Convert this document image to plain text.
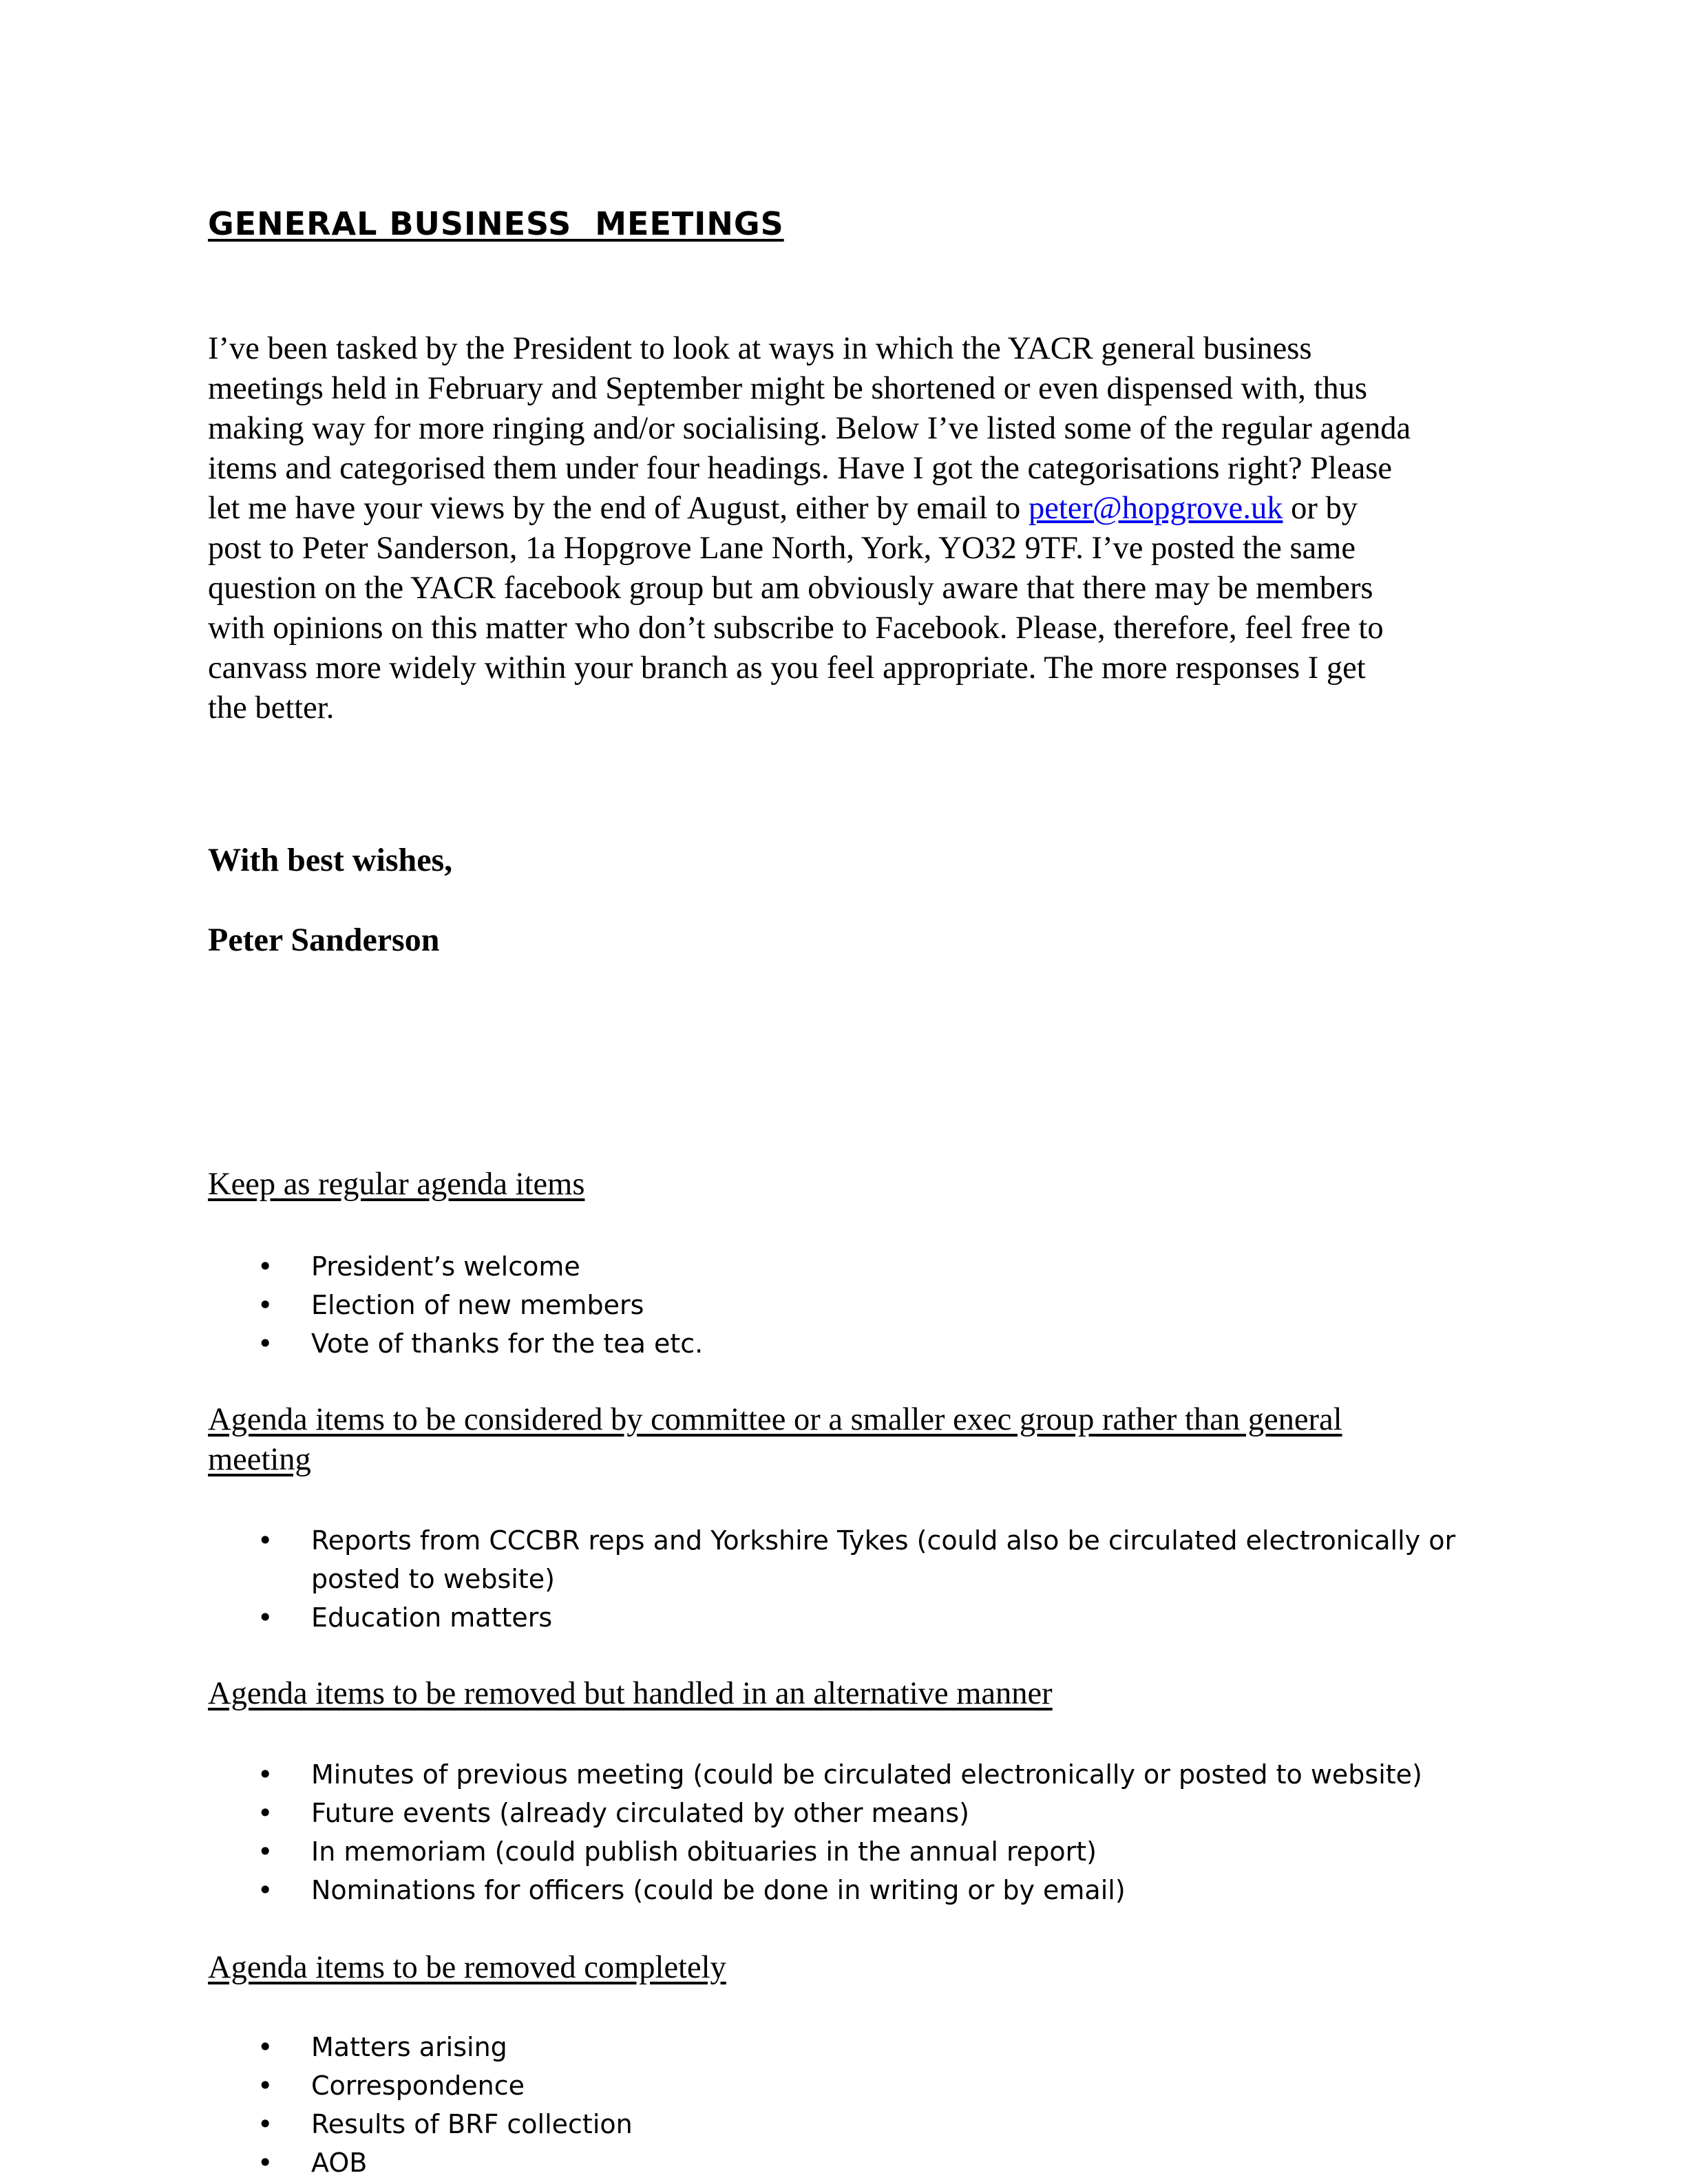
GENERAL BUSINESS  MEETINGS

I’ve been tasked by the President to look at ways in which the YACR general business
meetings held in February and September might be shortened or even dispensed with, thus
making way for more ringing and/or socialising. Below I’ve listed some of the regular agenda
items and categorised them under four headings. Have I got the categorisations right? Please
let me have your views by the end of August, either by email to peter@hopgrove.uk or by
post to Peter Sanderson, 1a Hopgrove Lane North, York, YO32 9TF. I’ve posted the same
question on the YACR facebook group but am obviously aware that there may be members
with opinions on this matter who don’t subscribe to Facebook. Please, therefore, feel free to
canvass more widely within your branch as you feel appropriate. The more responses I get
the better.

With best wishes,

Peter Sanderson

Keep as regular agenda items

• President’s welcome
• Election of new members
• Vote of thanks for the tea etc.

Agenda items to be considered by committee or a smaller exec group rather than general
meeting

• Reports from CCCBR reps and Yorkshire Tykes (could also be circulated electronically or
posted to website)
• Education matters

Agenda items to be removed but handled in an alternative manner

• Minutes of previous meeting (could be circulated electronically or posted to website)
• Future events (already circulated by other means)
• In memoriam (could publish obituaries in the annual report)
• Nominations for officers (could be done in writing or by email)

Agenda items to be removed completely

• Matters arising
• Correspondence
• Results of BRF collection
• AOB
